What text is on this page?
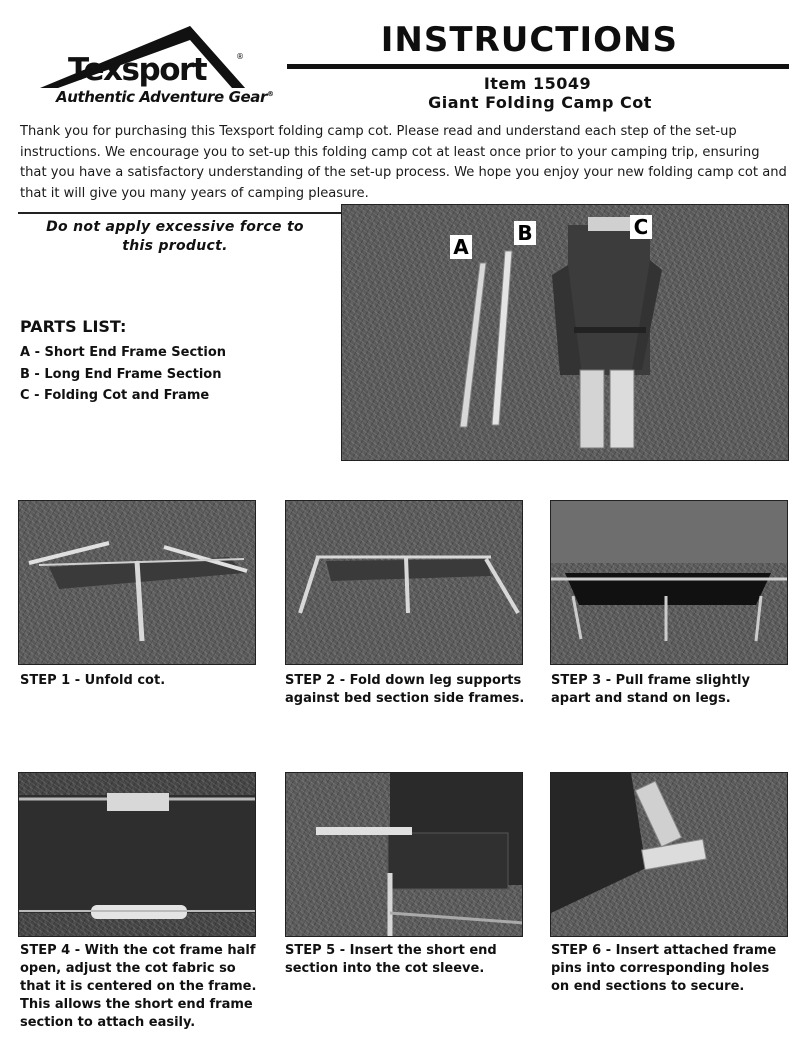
Texsport	®
Authentic Adventure Gear®
INSTRUCTIONS
Item 15049
Giant Folding Camp Cot
Thank you for purchasing this Texsport folding camp cot. Please read and understand each step of the set-up instructions. We encourage you to set-up this folding camp cot at least once prior to your camping trip, ensuring that you have a satisfactory understanding of the set-up process. We hope you enjoy your new folding camp cot and that it will give you many years of camping pleasure.
Do not apply excessive force to this product.
PARTS LIST:
A - Short End Frame Section
B - Long End Frame Section
C - Folding Cot and Frame
A
B	C
STEP 1 - Unfold cot.	STEP 2 - Fold down leg supports against bed section side frames.
STEP 3 - Pull frame slightly apart and stand on legs.
STEP 4 - With the cot frame half open, adjust the cot fabric so that it is centered on the frame. This allows the short end frame section to attach easily.
STEP 5 - Insert the short end section into the cot sleeve.
STEP 6 - Insert attached frame pins into corresponding holes on end sections to secure.
